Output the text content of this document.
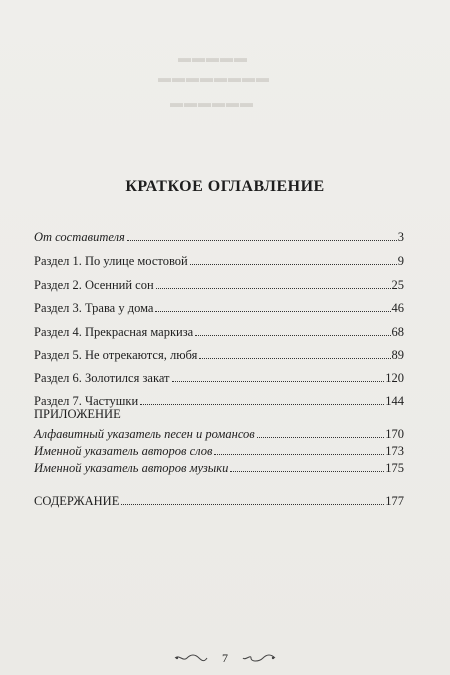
▬▬▬▬▬
▬▬▬▬▬▬▬▬
▬▬▬▬▬▬
КРАТКОЕ ОГЛАВЛЕНИЕ
От составителя	3
Раздел 1. По улице мостовой	9
Раздел 2. Осенний сон	25
Раздел 3. Трава у дома	46
Раздел 4. Прекрасная маркиза	68
Раздел 5. Не отрекаются, любя	89
Раздел 6. Золотился закат	120
Раздел 7. Частушки	144
ПРИЛОЖЕНИЕ
Алфавитный указатель песен и романсов	170
Именной указатель авторов слов	173
Именной указатель авторов музыки	175
СОДЕРЖАНИЕ	177
7
